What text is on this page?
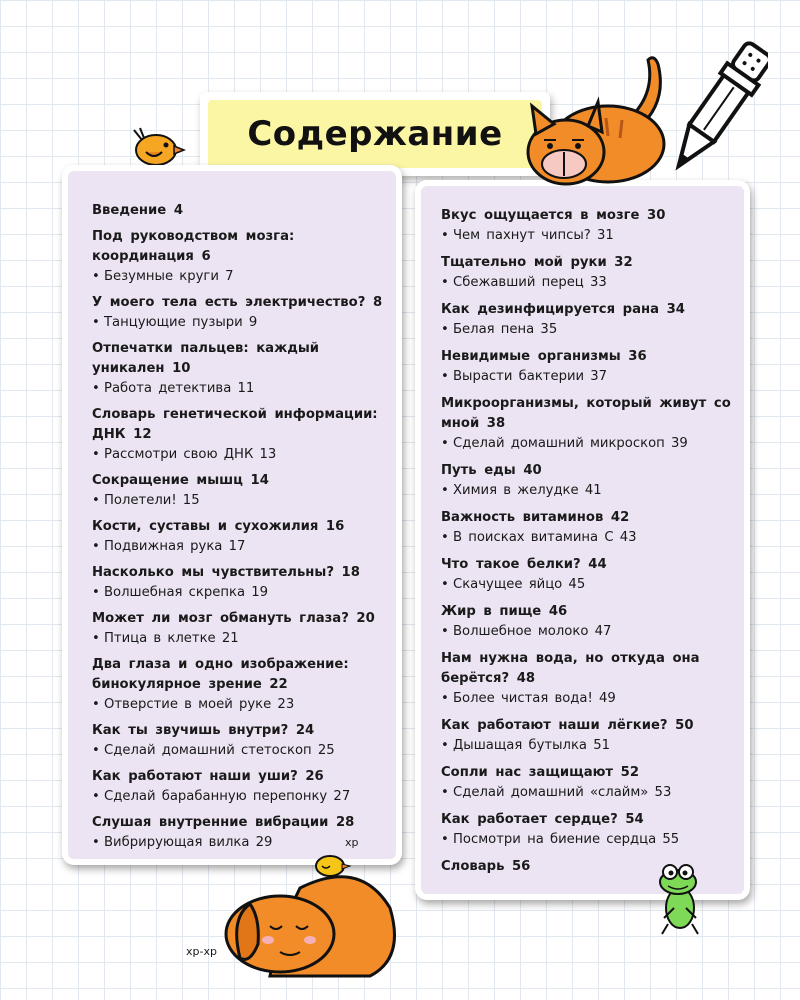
Содержание
Введение 4
Под руководством мозга: координация 6
• Безумные круги 7
У моего тела есть электричество? 8
• Танцующие пузыри 9
Отпечатки пальцев: каждый уникален 10
• Работа детектива 11
Словарь генетической информации: ДНК 12
• Рассмотри свою ДНК 13
Сокращение мышц 14
• Полетели! 15
Кости, суставы и сухожилия 16
• Подвижная рука 17
Насколько мы чувствительны? 18
• Волшебная скрепка 19
Может ли мозг обмануть глаза? 20
• Птица в клетке 21
Два глаза и одно изображение: бинокулярное зрение 22
• Отверстие в моей руке 23
Как ты звучишь внутри? 24
• Сделай домашний стетоскоп 25
Как работают наши уши? 26
• Сделай барабанную перепонку 27
Слушая внутренние вибрации 28
• Вибрирующая вилка 29
Вкус ощущается в мозге 30
• Чем пахнут чипсы? 31
Тщательно мой руки 32
• Сбежавший перец 33
Как дезинфицируется рана 34
• Белая пена 35
Невидимые организмы 36
• Вырасти бактерии 37
Микроорганизмы, который живут со мной 38
• Сделай домашний микроскоп 39
Путь еды 40
• Химия в желудке 41
Важность витаминов 42
• В поисках витамина С 43
Что такое белки? 44
• Скачущее яйцо 45
Жир в пище 46
• Волшебное молоко 47
Нам нужна вода, но откуда она берётся? 48
• Более чистая вода! 49
Как работают наши лёгкие? 50
• Дышащая бутылка 51
Сопли нас защищают 52
• Сделай домашний «слайм» 53
Как работает сердце? 54
• Посмотри на биение сердца 55
Словарь 56
хр
хр-хр
